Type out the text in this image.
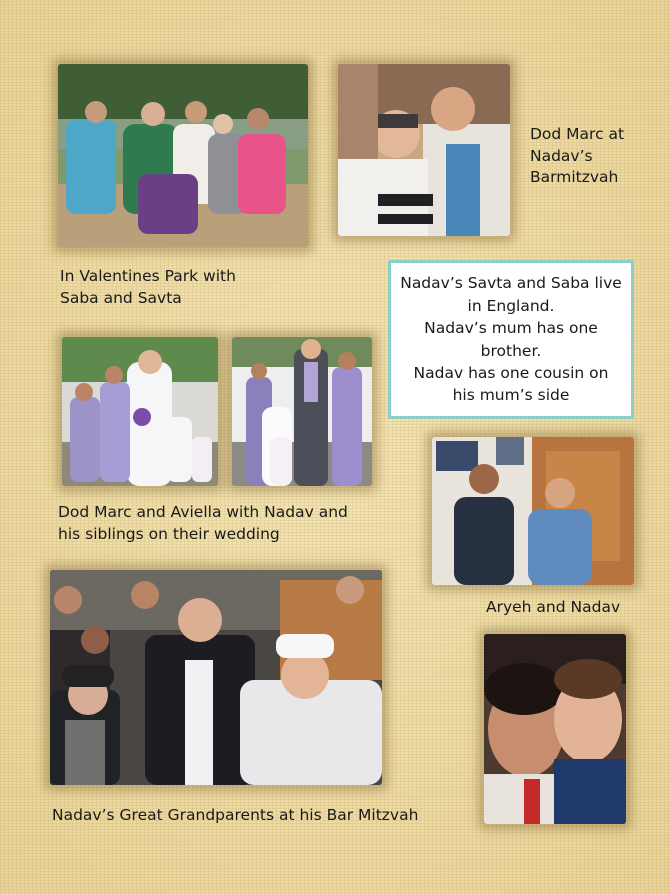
Dod Marc at
Nadav’s
Barmitzvah
In Valentines Park with
Saba and Savta
Nadav’s Savta and Saba live
in England.
Nadav’s mum has one
brother.
Nadav has one cousin on
his mum’s side
Dod Marc and Aviella with Nadav and
his siblings on their wedding
Aryeh and Nadav
Nadav’s Great Grandparents at his Bar Mitzvah
